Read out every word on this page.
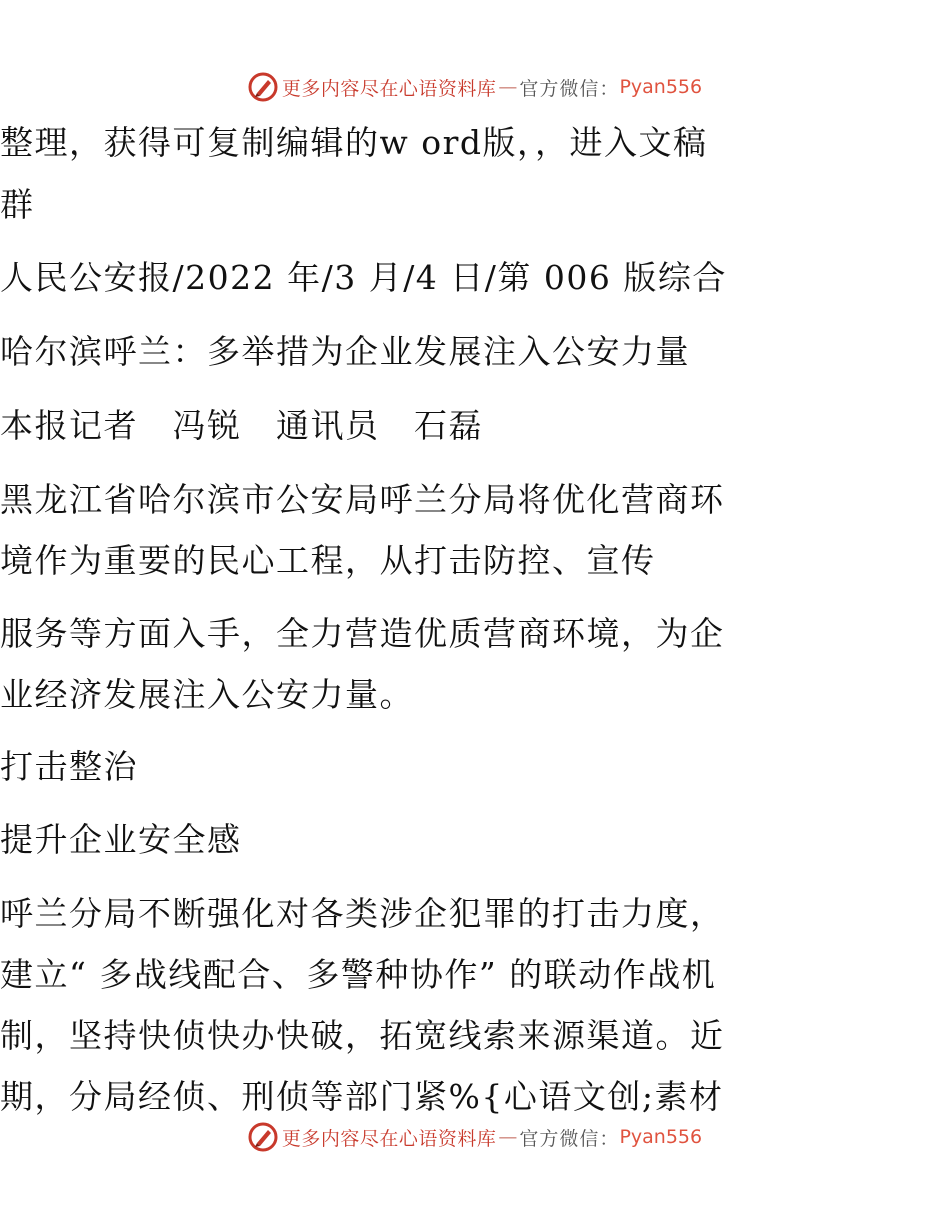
更多内容尽在心语资料库 — 官方微信： Pyan556
整理，获得可复制编辑的w ord版，，进入文稿
群
人民公安报/2022 年/3 月/4 日/第 006 版综合
哈尔滨呼兰：多举措为企业发展注入公安力量
本报记者　冯锐　通讯员　石磊
黑龙江省哈尔滨市公安局呼兰分局将优化营商环
境作为重要的民心工程，从打击防控、宣传
服务等方面入手，全力营造优质营商环境，为企
业经济发展注入公安力量。
打击整治
提升企业安全感
呼兰分局不断强化对各类涉企犯罪的打击力度，
建立“ 多战线配合、多警种协作” 的联动作战机
制，坚持快侦快办快破，拓宽线索来源渠道。近
期，分局经侦、刑侦等部门紧%{心语文创;素材
更多内容尽在心语资料库 — 官方微信： Pyan556
